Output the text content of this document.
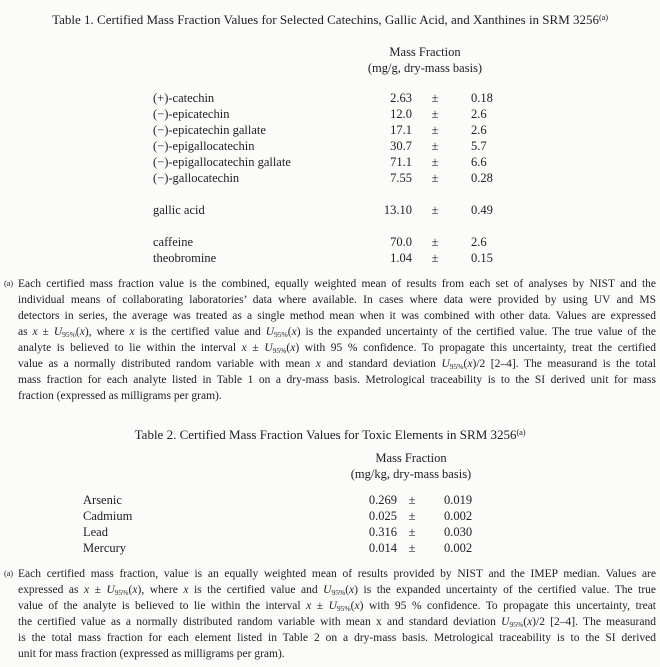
Table 1. Certified Mass Fraction Values for Selected Catechins, Gallic Acid, and Xanthines in SRM 3256$^{(a)}$
Mass Fraction
(mg/g, dry-mass basis)
(+)-catechin	2.63	±	0.18
(−)-epicatechin	12.0	±	2.6
(−)-epicatechin gallate	17.1	±	2.6
(−)-epigallocatechin	30.7	±	5.7
(−)-epigallocatechin gallate	71.1	±	6.6
(−)-gallocatechin	7.55	±	0.28
gallic acid	13.10	±	0.49
caffeine	70.0	±	2.6
theobromine	1.04	±	0.15
(a) Each certified mass fraction value is the combined, equally weighted mean of results from each set of analyses by NIST and the
individual means of collaborating laboratories’ data where available. In cases where data were provided by using UV and MS
detectors in series, the average was treated as a single method mean when it was combined with other data. Values are expressed
as $x \pm U_{95\%}(x)$, where x is the certified value and $U_{95\%}(x)$ is the expanded uncertainty of the certified value. The true value of the
analyte is believed to lie within the interval $x \pm U_{95\%}(x)$ with 95 % confidence. To propagate this uncertainty, treat the certified
value as a normally distributed random variable with mean x and standard deviation $U_{95\%}(x)/2$ [2–4]. The measurand is the total
mass fraction for each analyte listed in Table 1 on a dry-mass basis. Metrological traceability is to the SI derived unit for mass
fraction (expressed as milligrams per gram).
Table 2. Certified Mass Fraction Values for Toxic Elements in SRM 3256$^{(a)}$
Mass Fraction
(mg/kg, dry-mass basis)
Arsenic	0.269 ±	0.019
Cadmium	0.025 ±	0.002
Lead	0.316 ±	0.030
Mercury	0.014 ±	0.002
(a) Each certified mass fraction, value is an equally weighted mean of results provided by NIST and the IMEP median. Values are
expressed as $x \pm U_{95\%}(x)$, where x is the certified value and $U_{95\%}(x)$ is the expanded uncertainty of the certified value. The true
value of the analyte is believed to lie within the interval $x \pm U_{95\%}(x)$ with 95 % confidence. To propagate this uncertainty, treat
the certified value as a normally distributed random variable with mean x and standard deviation $U_{95\%}(x)/2$ [2–4]. The measurand
is the total mass fraction for each element listed in Table 2 on a dry-mass basis. Metrological traceability is to the SI derived
unit for mass fraction (expressed as milligrams per gram).
